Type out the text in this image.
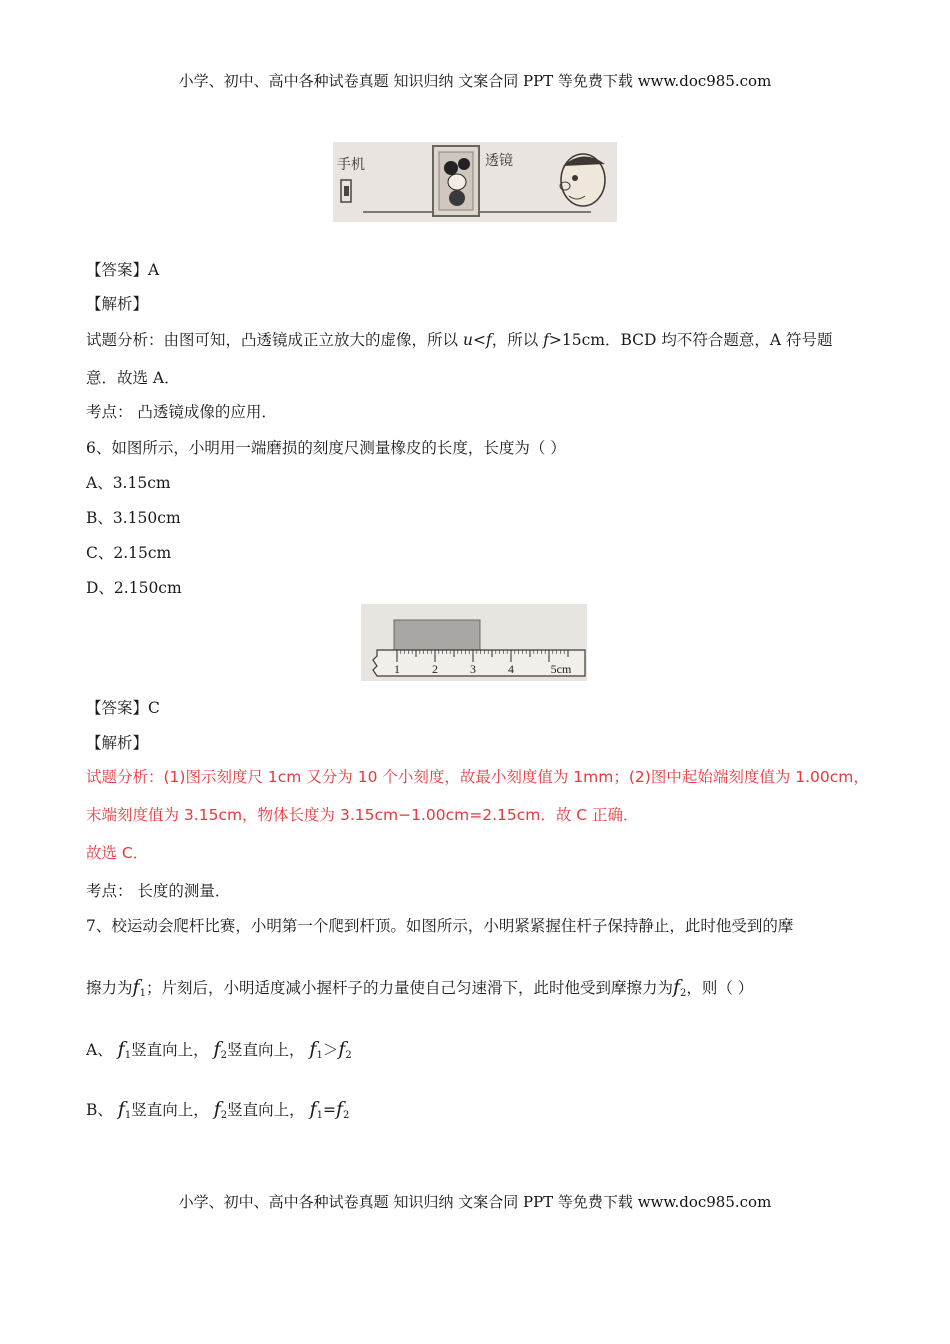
小学、初中、高中各种试卷真题 知识归纳 文案合同 PPT 等免费下载 www.doc985.com
手机	透镜
【答案】A
【解析】
试题分析：由图可知，凸透镜成正立放大的虚像，所以 u<f，所以 f>15cm．BCD 均不符合题意，A 符号题
意．故选 A．
考点： 凸透镜成像的应用．
6、如图所示，小明用一端磨损的刻度尺测量橡皮的长度，长度为（ ）
A、3.15cm
B、3.150cm
C、2.15cm
D、2.150cm
1	2	3	4	5cm
【答案】C
【解析】
试题分析：(1)图示刻度尺 1cm 又分为 10 个小刻度，故最小刻度值为 1mm；(2)图中起始端刻度值为 1.00cm，
末端刻度值为 3.15cm，物体长度为 3.15cm−1.00cm=2.15cm．故 C 正确．
故选 C．
考点： 长度的测量．
7、校运动会爬杆比赛，小明第一个爬到杆顶。如图所示，小明紧紧握住杆子保持静止，此时他受到的摩
擦力为$f_1$；片刻后，小明适度减小握杆子的力量使自己匀速滑下，此时他受到摩擦力为$f_2$，则（ ）
A、 $f_1$竖直向上， $f_2$竖直向上， $f_1>f_2$
B、 $f_1$竖直向上， $f_2$竖直向上， $f_1=f_2$
小学、初中、高中各种试卷真题 知识归纳 文案合同 PPT 等免费下载 www.doc985.com
